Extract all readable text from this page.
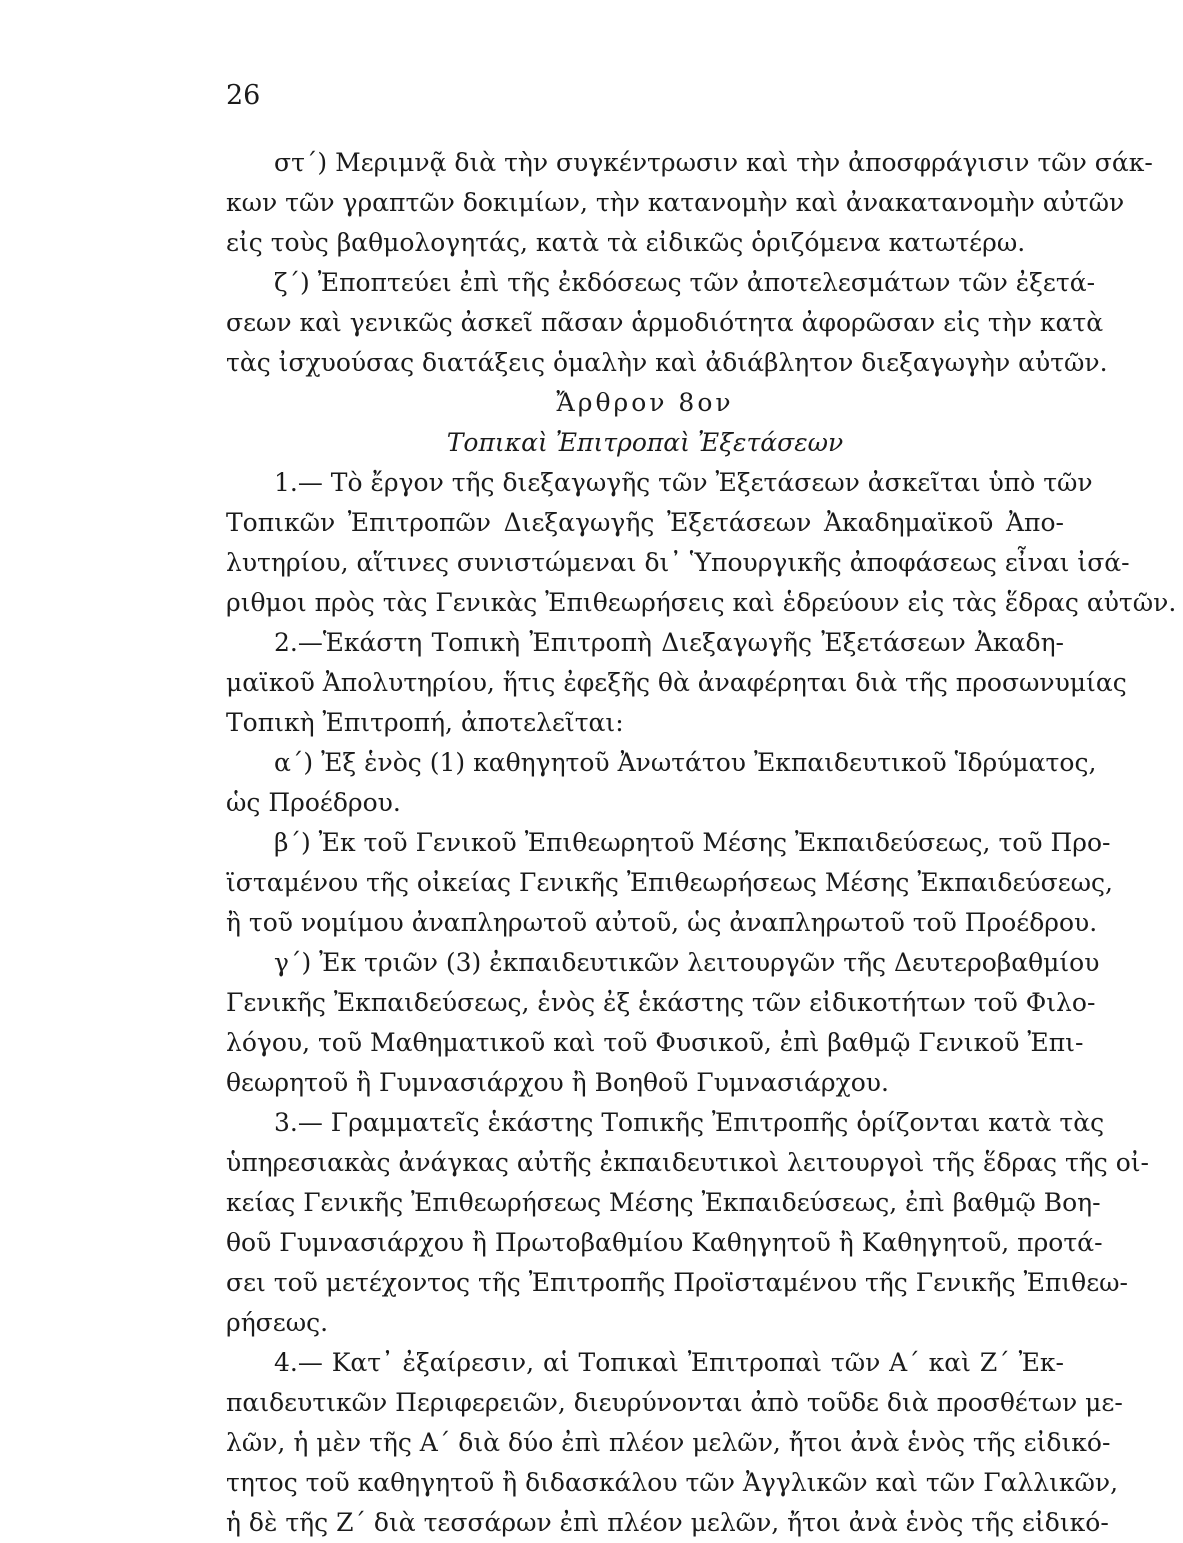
26
στ΄) Μεριμνᾷ διὰ τὴν συγκέντρωσιν καὶ τὴν ἀποσφράγισιν τῶν σάκ-
κων τῶν γραπτῶν δοκιμίων, τὴν κατανομὴν καὶ ἀνακατανομὴν αὐτῶν
εἰς τοὺς βαθμολογητάς, κατὰ τὰ εἰδικῶς ὁριζόμενα κατωτέρω.
ζ΄) Ἐποπτεύει ἐπὶ τῆς ἐκδόσεως τῶν ἀποτελεσμάτων τῶν ἐξετά-
σεων καὶ γενικῶς ἀσκεῖ πᾶσαν ἁρμοδιότητα ἀφορῶσαν εἰς τὴν κατὰ
τὰς ἰσχυούσας διατάξεις ὁμαλὴν καὶ ἀδιάβλητον διεξαγωγὴν αὐτῶν.
Ἄρθρον 8ον
Τοπικαὶ Ἐπιτροπαὶ Ἐξετάσεων
1.— Τὸ ἔργον τῆς διεξαγωγῆς τῶν Ἐξετάσεων ἀσκεῖται ὑπὸ τῶν
Τοπικῶν Ἐπιτροπῶν Διεξαγωγῆς Ἐξετάσεων Ἀκαδημαϊκοῦ Ἀπο-
λυτηρίου, αἵτινες συνιστώμεναι δι᾽ Ὑπουργικῆς ἀποφάσεως εἶναι ἰσά-
ριθμοι πρὸς τὰς Γενικὰς Ἐπιθεωρήσεις καὶ ἑδρεύουν εἰς τὰς ἕδρας αὐτῶν.
2.—Ἑκάστη Τοπικὴ Ἐπιτροπὴ Διεξαγωγῆς Ἐξετάσεων Ἀκαδη-
μαϊκοῦ Ἀπολυτηρίου, ἥτις ἐφεξῆς θὰ ἀναφέρηται διὰ τῆς προσωνυμίας
Τοπικὴ Ἐπιτροπή, ἀποτελεῖται:
α΄) Ἐξ ἑνὸς (1) καθηγητοῦ Ἀνωτάτου Ἐκπαιδευτικοῦ Ἱδρύματος,
ὡς Προέδρου.
β΄) Ἐκ τοῦ Γενικοῦ Ἐπιθεωρητοῦ Μέσης Ἐκπαιδεύσεως, τοῦ Προ-
ϊσταμένου τῆς οἰκείας Γενικῆς Ἐπιθεωρήσεως Μέσης Ἐκπαιδεύσεως,
ἢ τοῦ νομίμου ἀναπληρωτοῦ αὐτοῦ, ὡς ἀναπληρωτοῦ τοῦ Προέδρου.
γ΄) Ἐκ τριῶν (3) ἐκπαιδευτικῶν λειτουργῶν τῆς Δευτεροβαθμίου
Γενικῆς Ἐκπαιδεύσεως, ἑνὸς ἐξ ἑκάστης τῶν εἰδικοτήτων τοῦ Φιλο-
λόγου, τοῦ Μαθηματικοῦ καὶ τοῦ Φυσικοῦ, ἐπὶ βαθμῷ Γενικοῦ Ἐπι-
θεωρητοῦ ἢ Γυμνασιάρχου ἢ Βοηθοῦ Γυμνασιάρχου.
3.— Γραμματεῖς ἑκάστης Τοπικῆς Ἐπιτροπῆς ὁρίζονται κατὰ τὰς
ὑπηρεσιακὰς ἀνάγκας αὐτῆς ἐκπαιδευτικοὶ λειτουργοὶ τῆς ἕδρας τῆς οἰ-
κείας Γενικῆς Ἐπιθεωρήσεως Μέσης Ἐκπαιδεύσεως, ἐπὶ βαθμῷ Βοη-
θοῦ Γυμνασιάρχου ἢ Πρωτοβαθμίου Καθηγητοῦ ἢ Καθηγητοῦ, προτά-
σει τοῦ μετέχοντος τῆς Ἐπιτροπῆς Προϊσταμένου τῆς Γενικῆς Ἐπιθεω-
ρήσεως.
4.— Κατ᾽ ἐξαίρεσιν, αἱ Τοπικαὶ Ἐπιτροπαὶ τῶν Α΄ καὶ Ζ΄ Ἐκ-
παιδευτικῶν Περιφερειῶν, διευρύνονται ἀπὸ τοῦδε διὰ προσθέτων με-
λῶν, ἡ μὲν τῆς Α΄ διὰ δύο ἐπὶ πλέον μελῶν, ἤτοι ἀνὰ ἑνὸς τῆς εἰδικό-
τητος τοῦ καθηγητοῦ ἢ διδασκάλου τῶν Ἀγγλικῶν καὶ τῶν Γαλλικῶν,
ἡ δὲ τῆς Ζ΄ διὰ τεσσάρων ἐπὶ πλέον μελῶν, ἤτοι ἀνὰ ἑνὸς τῆς εἰδικό-
